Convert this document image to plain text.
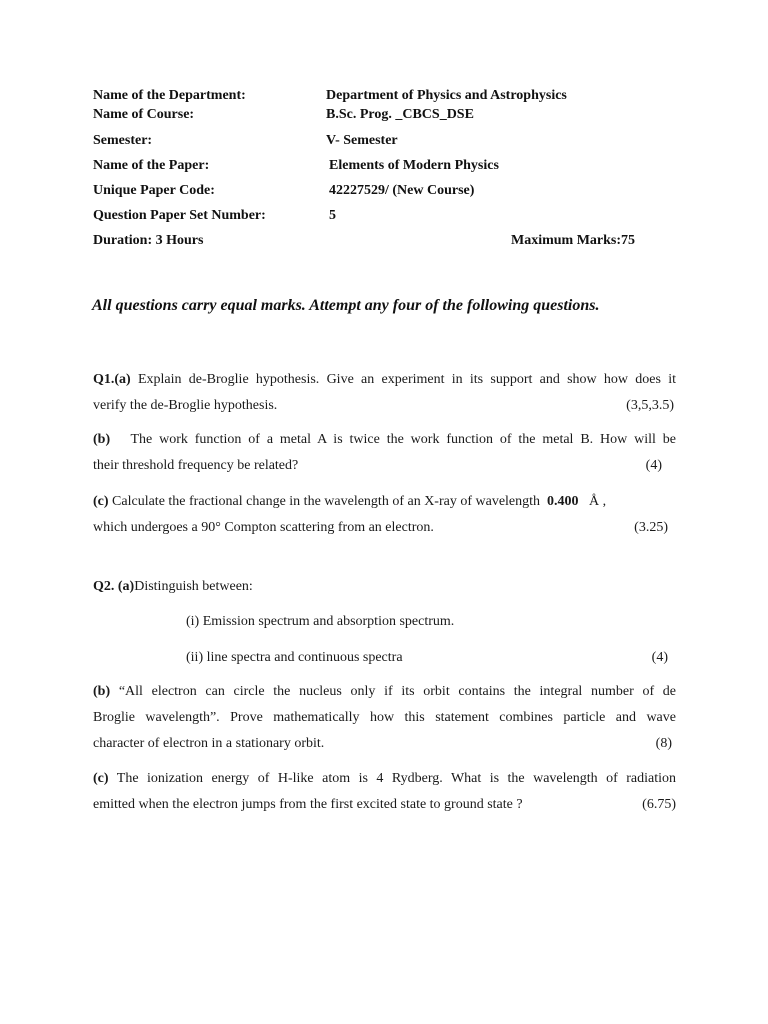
Name of the Department:	Department of Physics and Astrophysics
Name of Course:	B.Sc. Prog. _CBCS_DSE
Semester:	V- Semester
Name of the Paper:	Elements of Modern Physics
Unique Paper Code:	42227529/ (New Course)
Question Paper Set Number:	5
Duration: 3 Hours	Maximum Marks:75
All questions carry equal marks. Attempt any four of the following questions.
Q1.(a) Explain de-Broglie hypothesis. Give an experiment in its support and show how does it
verify the de-Broglie hypothesis.	(3,5,3.5)
(b) The work function of a metal A is twice the work function of the metal B. How will be
their threshold frequency be related?	(4)
(c) Calculate the fractional change in the wavelength of an X-ray of wavelength 0.400 Å ,
which undergoes a 90° Compton scattering from an electron.	(3.25)
Q2. (a)Distinguish between:
(i) Emission spectrum and absorption spectrum.
(ii) line spectra and continuous spectra	(4)
(b) “All electron can circle the nucleus only if its orbit contains the integral number of de
Broglie wavelength”. Prove mathematically how this statement combines particle and wave
character of electron in a stationary orbit.	(8)
(c) The ionization energy of H-like atom is 4 Rydberg. What is the wavelength of radiation
emitted when the electron jumps from the first excited state to ground state ?	(6.75)
